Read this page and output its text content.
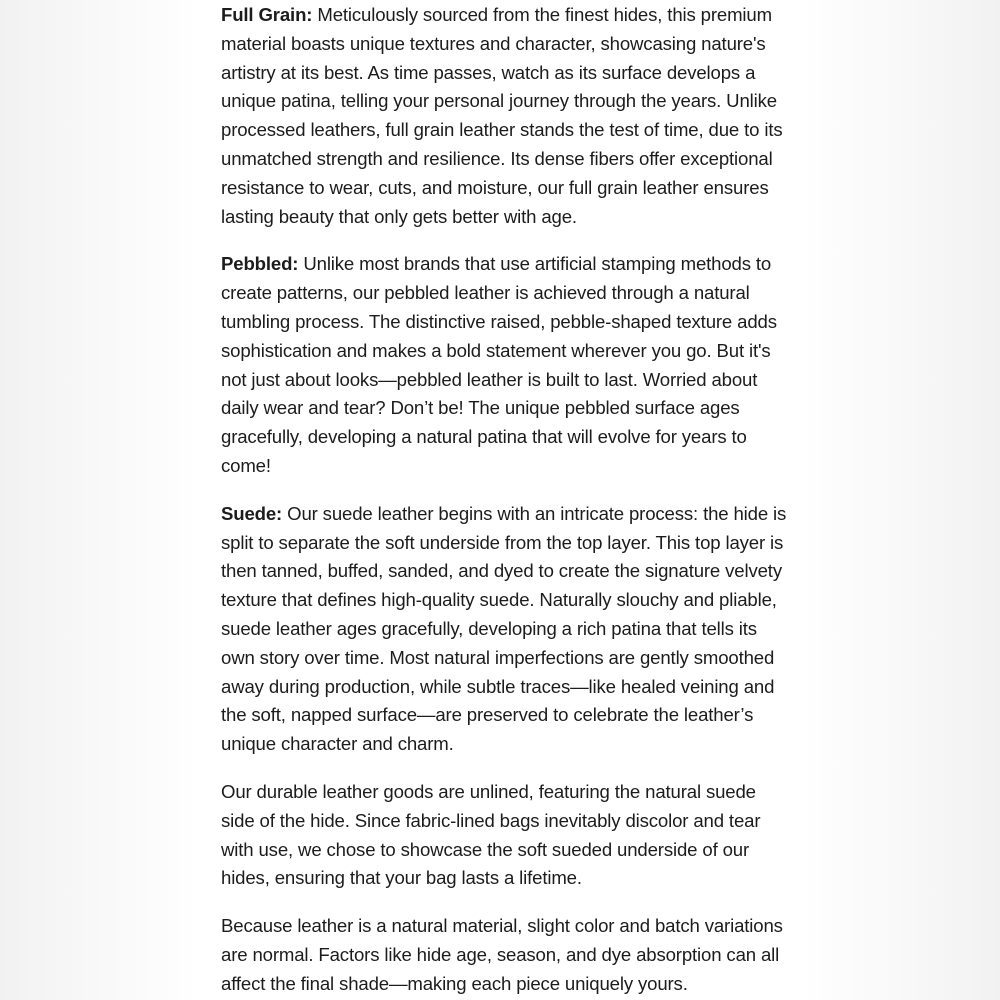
Full Grain: Meticulously sourced from the finest hides, this premium material boasts unique textures and character, showcasing nature's artistry at its best. As time passes, watch as its surface develops a unique patina, telling your personal journey through the years. Unlike processed leathers, full grain leather stands the test of time, due to its unmatched strength and resilience. Its dense fibers offer exceptional resistance to wear, cuts, and moisture, our full grain leather ensures lasting beauty that only gets better with age.

Pebbled: Unlike most brands that use artificial stamping methods to create patterns, our pebbled leather is achieved through a natural tumbling process. The distinctive raised, pebble-shaped texture adds sophistication and makes a bold statement wherever you go. But it's not just about looks—pebbled leather is built to last. Worried about daily wear and tear? Don’t be! The unique pebbled surface ages gracefully, developing a natural patina that will evolve for years to come!

Suede: Our suede leather begins with an intricate process: the hide is split to separate the soft underside from the top layer. This top layer is then tanned, buffed, sanded, and dyed to create the signature velvety texture that defines high-quality suede. Naturally slouchy and pliable, suede leather ages gracefully, developing a rich patina that tells its own story over time. Most natural imperfections are gently smoothed away during production, while subtle traces—like healed veining and the soft, napped surface—are preserved to celebrate the leather’s unique character and charm.

Our durable leather goods are unlined, featuring the natural suede side of the hide. Since fabric-lined bags inevitably discolor and tear with use, we chose to showcase the soft sueded underside of our hides, ensuring that your bag lasts a lifetime.

Because leather is a natural material, slight color and batch variations are normal. Factors like hide age, season, and dye absorption can all affect the final shade—making each piece uniquely yours.
